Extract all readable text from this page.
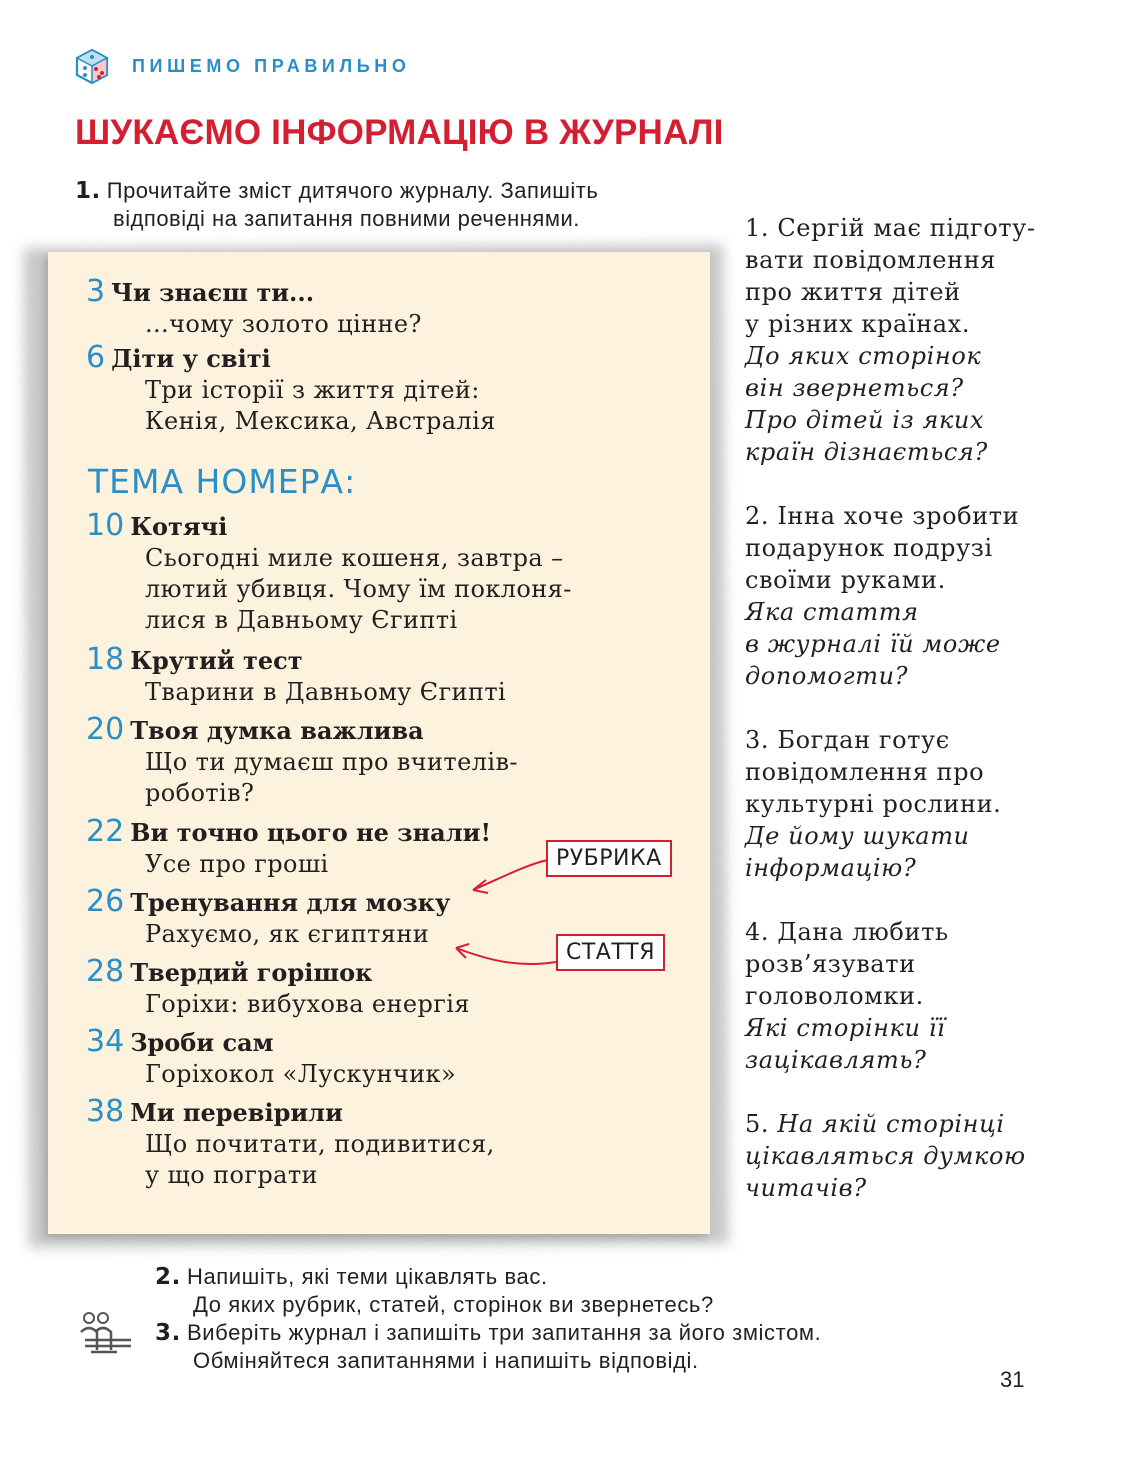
ПИШЕМО ПРАВИЛЬНО
ШУКАЄМО ІНФОРМАЦІЮ В ЖУРНАЛІ
1. Прочитайте зміст дитячого журналу. Запишіть
відповіді на запитання повними реченнями.
3 Чи знаєш ти...
...чому золото цінне?
6 Діти у світі
Три історії з життя дітей:
Кенія, Мексика, Австралія
10 Котячі
Сьогодні миле кошеня, завтра –
лютий убивця. Чому їм поклоня-
лися в Давньому Єгипті
18 Крутий тест
Тварини в Давньому Єгипті
20 Твоя думка важлива
Що ти думаєш про вчителів-
роботів?
22 Ви точно цього не знали!
Усе про гроші
26 Тренування для мозку
Рахуємо, як єгиптяни
28 Твердий горішок
Горіхи: вибухова енергія
34 Зроби сам
Горіхокол «Лускунчик»
38 Ми перевірили
Що почитати, подивитися,
у що пограти
ТЕМА НОМЕРА:
РУБРИКА
СТАТТЯ
1. Сергій має підготу-
вати повідомлення
про життя дітей
у різних країнах.
До яких сторінок
він звернеться?
Про дітей із яких
країн дізнається?
2. Інна хоче зробити
подарунок подрузі
своїми руками.
Яка стаття
в журналі їй може
допомогти?
3. Богдан готує
повідомлення про
культурні рослини.
Де йому шукати
інформацію?
4. Дана любить
розв’язувати
головоломки.
Які сторінки її
зацікавлять?
5. На якій сторінці
цікавляться думкою
читачів?
2. Напишіть, які теми цікавлять вас.
До яких рубрик, статей, сторінок ви звернетесь?
3. Виберіть журнал і запишіть три запитання за його змістом.
Обміняйтеся запитаннями і напишіть відповіді.
31
